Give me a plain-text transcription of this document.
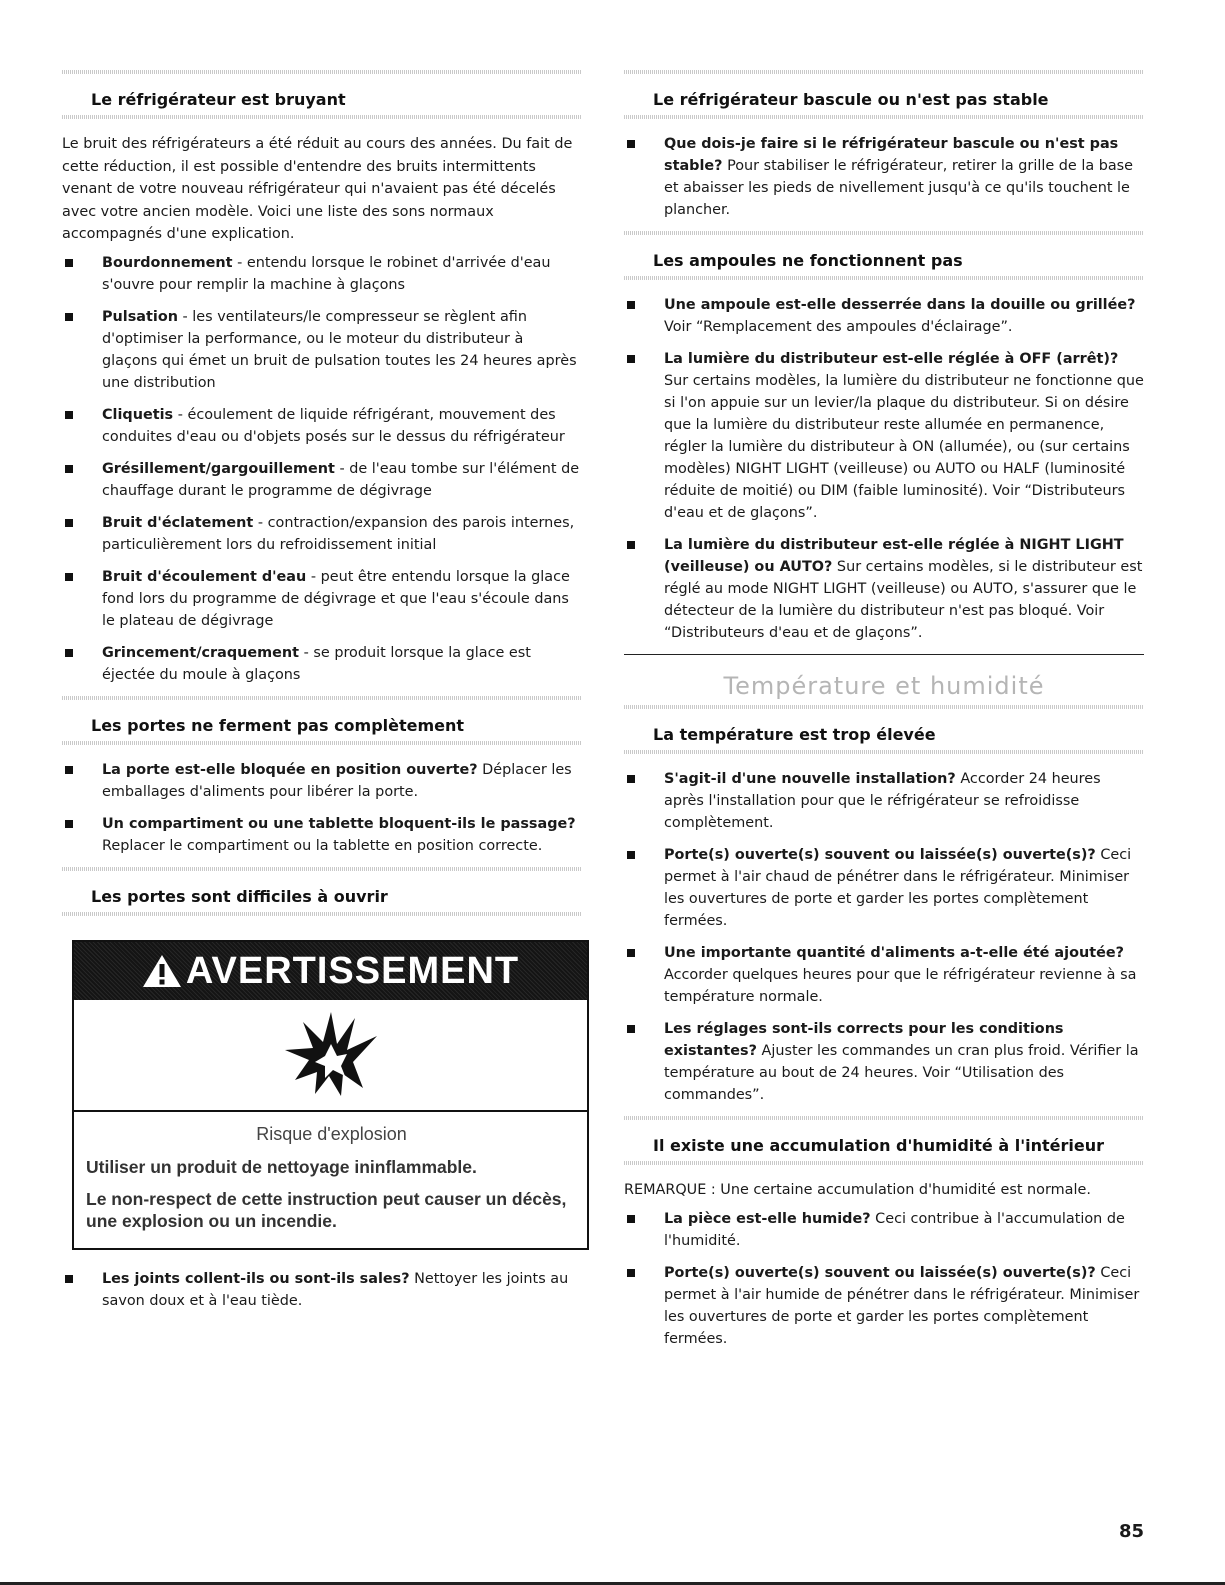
Le réfrigérateur est bruyant

Le bruit des réfrigérateurs a été réduit au cours des années. Du fait de cette réduction, il est possible d'entendre des bruits intermittents venant de votre nouveau réfrigérateur qui n'avaient pas été décelés avec votre ancien modèle. Voici une liste des sons normaux accompagnés d'une explication.

Bourdonnement - entendu lorsque le robinet d'arrivée d'eau s'ouvre pour remplir la machine à glaçons
Pulsation - les ventilateurs/le compresseur se règlent afin d'optimiser la performance, ou le moteur du distributeur à glaçons qui émet un bruit de pulsation toutes les 24 heures après une distribution
Cliquetis - écoulement de liquide réfrigérant, mouvement des conduites d'eau ou d'objets posés sur le dessus du réfrigérateur
Grésillement/gargouillement - de l'eau tombe sur l'élément de chauffage durant le programme de dégivrage
Bruit d'éclatement - contraction/expansion des parois internes, particulièrement lors du refroidissement initial
Bruit d'écoulement d'eau - peut être entendu lorsque la glace fond lors du programme de dégivrage et que l'eau s'écoule dans le plateau de dégivrage
Grincement/craquement - se produit lorsque la glace est éjectée du moule à glaçons
Les portes ne ferment pas complètement
La porte est-elle bloquée en position ouverte? Déplacer les emballages d'aliments pour libérer la porte.
Un compartiment ou une tablette bloquent-ils le passage? Replacer le compartiment ou la tablette en position correcte.
Les portes sont difficiles à ouvrir
AVERTISSEMENT
Risque d'explosion
Utiliser un produit de nettoyage ininflammable.
Le non-respect de cette instruction peut causer un décès, une explosion ou un incendie.
Les joints collent-ils ou sont-ils sales? Nettoyer les joints au savon doux et à l'eau tiède.
Le réfrigérateur bascule ou n'est pas stable
Que dois-je faire si le réfrigérateur bascule ou n'est pas stable? Pour stabiliser le réfrigérateur, retirer la grille de la base et abaisser les pieds de nivellement jusqu'à ce qu'ils touchent le plancher.
Les ampoules ne fonctionnent pas
Une ampoule est-elle desserrée dans la douille ou grillée? Voir “Remplacement des ampoules d'éclairage”.
La lumière du distributeur est-elle réglée à OFF (arrêt)? Sur certains modèles, la lumière du distributeur ne fonctionne que si l'on appuie sur un levier/la plaque du distributeur. Si on désire que la lumière du distributeur reste allumée en permanence, régler la lumière du distributeur à ON (allumée), ou (sur certains modèles) NIGHT LIGHT (veilleuse) ou AUTO ou HALF (luminosité réduite de moitié) ou DIM (faible luminosité). Voir “Distributeurs d'eau et de glaçons”.
La lumière du distributeur est-elle réglée à NIGHT LIGHT (veilleuse) ou AUTO? Sur certains modèles, si le distributeur est réglé au mode NIGHT LIGHT (veilleuse) ou AUTO, s'assurer que le détecteur de la lumière du distributeur n'est pas bloqué. Voir “Distributeurs d'eau et de glaçons”.
Température et humidité
La température est trop élevée
S'agit-il d'une nouvelle installation? Accorder 24 heures après l'installation pour que le réfrigérateur se refroidisse complètement.
Porte(s) ouverte(s) souvent ou laissée(s) ouverte(s)? Ceci permet à l'air chaud de pénétrer dans le réfrigérateur. Minimiser les ouvertures de porte et garder les portes complètement fermées.
Une importante quantité d'aliments a-t-elle été ajoutée? Accorder quelques heures pour que le réfrigérateur revienne à sa température normale.
Les réglages sont-ils corrects pour les conditions existantes? Ajuster les commandes un cran plus froid. Vérifier la température au bout de 24 heures. Voir “Utilisation des commandes”.
Il existe une accumulation d'humidité à l'intérieur

REMARQUE : Une certaine accumulation d'humidité est normale.

La pièce est-elle humide? Ceci contribue à l'accumulation de l'humidité.
Porte(s) ouverte(s) souvent ou laissée(s) ouverte(s)? Ceci permet à l'air humide de pénétrer dans le réfrigérateur. Minimiser les ouvertures de porte et garder les portes complètement fermées.
85
